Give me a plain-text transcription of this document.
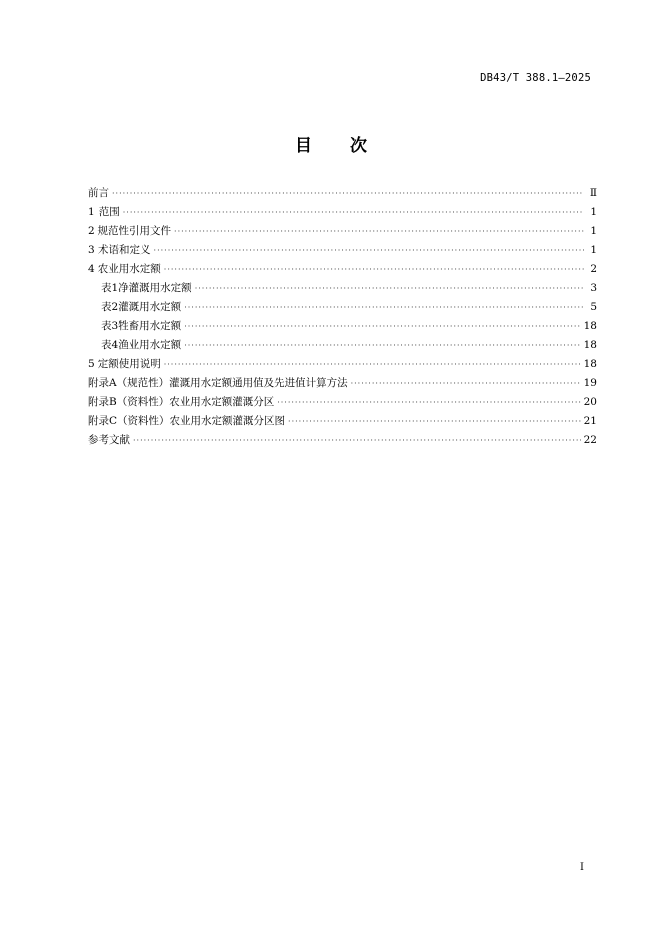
DB43/T 388.1—2025
目 次
前言 ·····	Ⅱ
1 范围 ·····	1
2 规范性引用文件 ·····	1
3 术语和定义 ·····	1
4 农业用水定额 ·····	2
表1 净灌溉用水定额 ·····	3
表2 灌溉用水定额 ·····	5
表3 牲畜用水定额 ·····	18
表4 渔业用水定额 ·····	18
5 定额使用说明 ·····	18
附录A（规范性） 灌溉用水定额通用值及先进值计算方法 ·····	19
附录B（资料性） 农业用水定额灌溉分区 ·····	20
附录C（资料性） 农业用水定额灌溉分区图 ·····	21
参考文献 ·····	22
I
